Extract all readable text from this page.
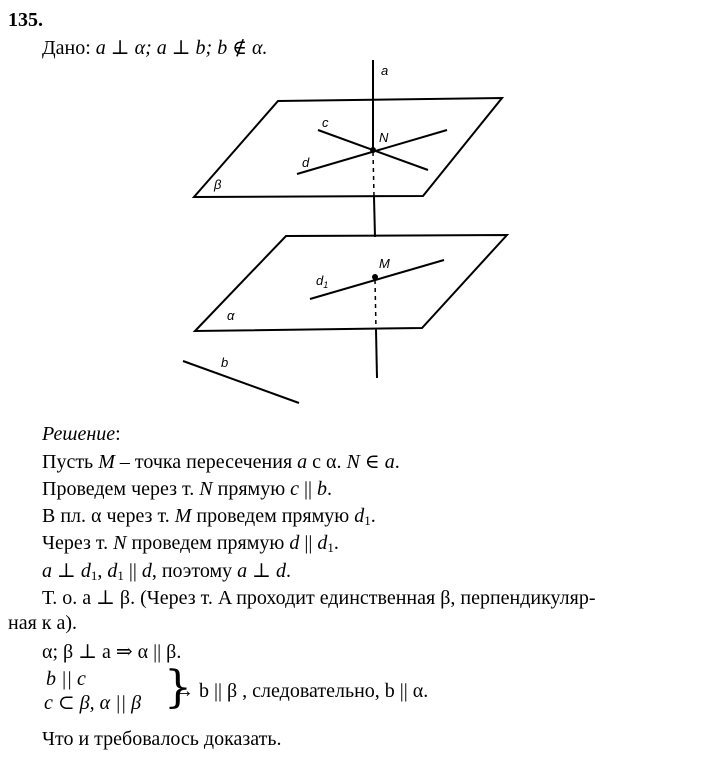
135.
Дано: a ⊥ α; a ⊥ b; b ∉ α.
a
c
N
d
β
$d_1$
M
α
b
Решение:
Пусть M – точка пересечения a с α. N ∈ a.
Проведем через т. N прямую c || b.
В пл. α через т. M проведем прямую $d_1$.
Через т. N проведем прямую d || $d_1$.
a ⊥ $d_1$, $d_1$ || d, поэтому a ⊥ d.
Т. о. a ⊥ β. (Через т. A проходит единственная β, перпендикуляр-
ная к a).
α; β ⊥ a ⇒ α || β.
b || c
c ⊂ β, α || β }
→ b || β , следовательно, b || α.
Что и требовалось доказать.
